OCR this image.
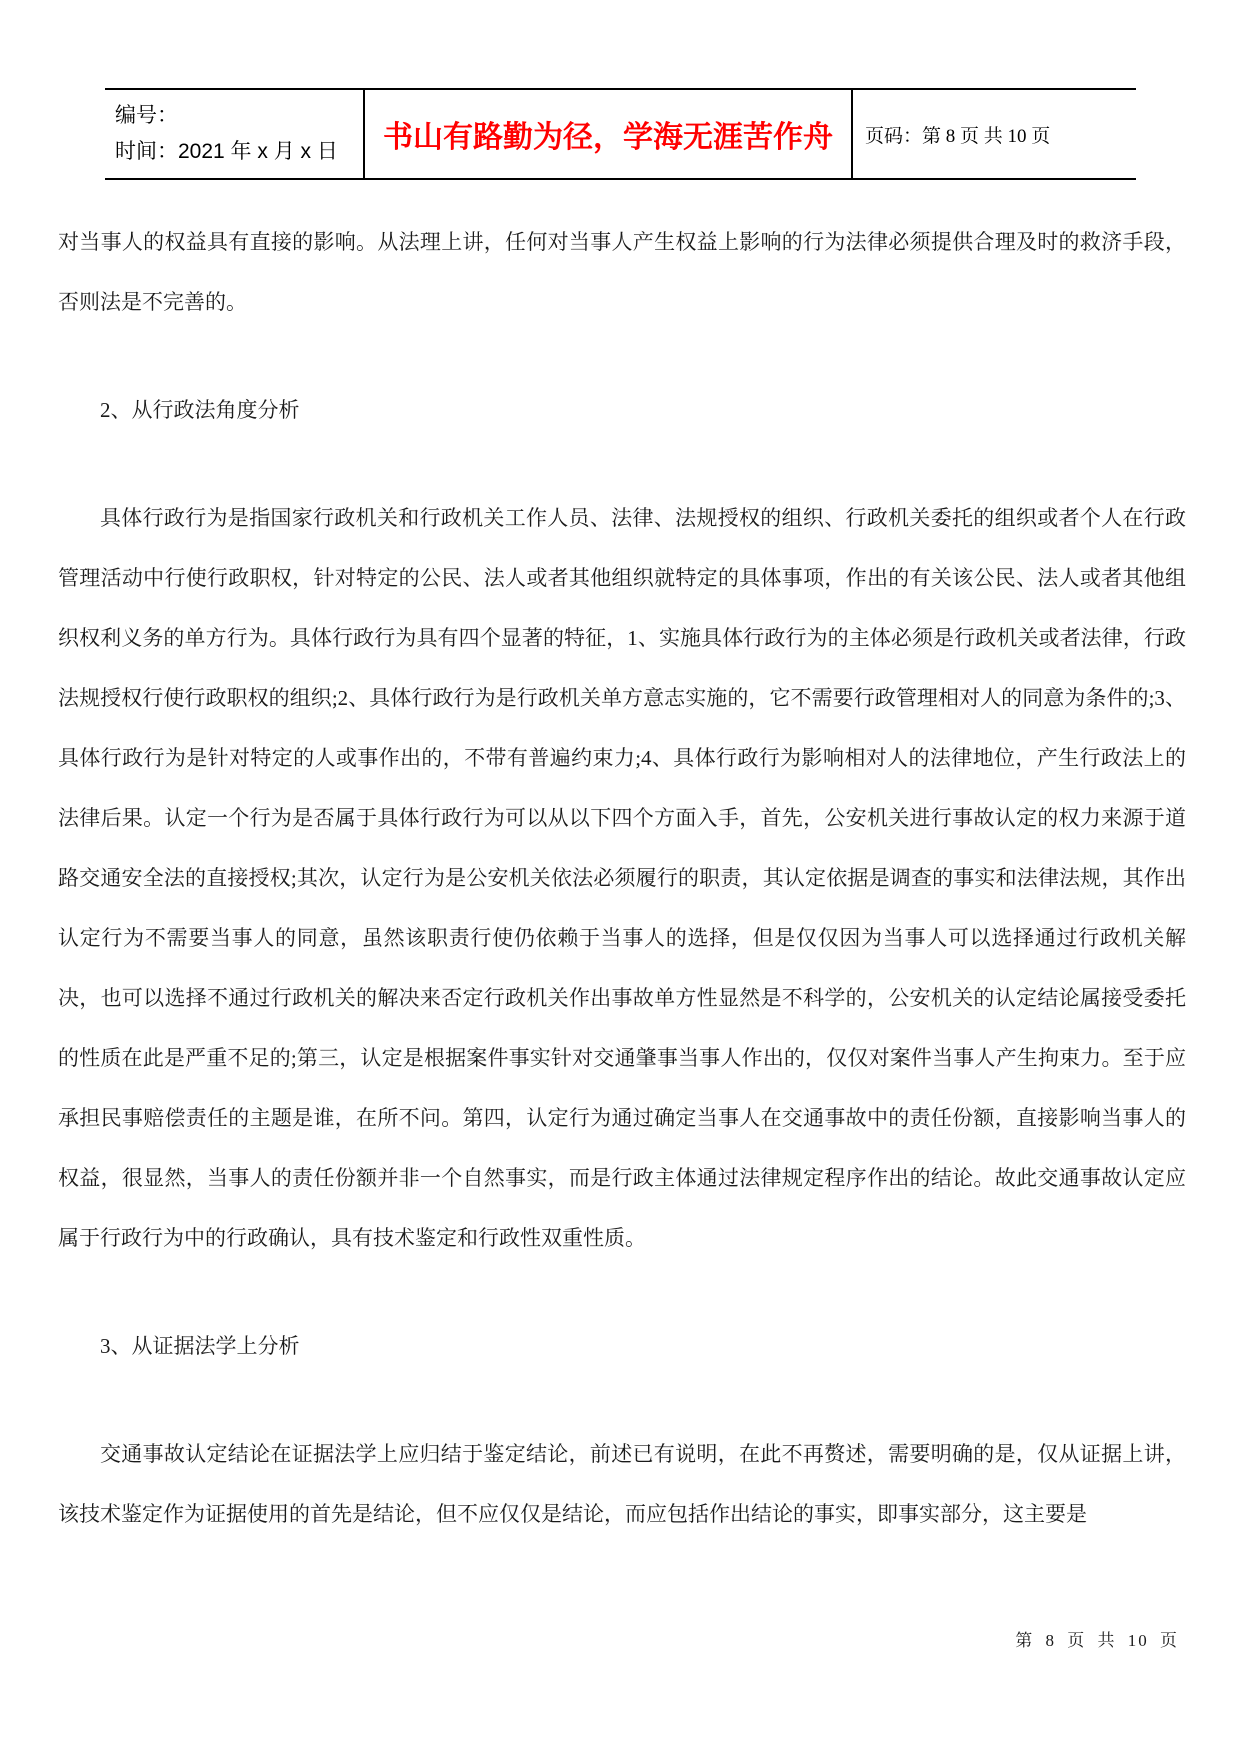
编号：
时间：2021 年 x 月 x 日	书山有路勤为径，学海无涯苦作舟 页码：第 8 页 共 10 页

对当事人的权益具有直接的影响。从法理上讲，任何对当事人产生权益上影响的行为法律必须提供合理及时的救济手段，否则法是不完善的。

2、从行政法角度分析

具体行政行为是指国家行政机关和行政机关工作人员、法律、法规授权的组织、行政机关委托的组织或者个人在行政管理活动中行使行政职权，针对特定的公民、法人或者其他组织就特定的具体事项，作出的有关该公民、法人或者其他组织权利义务的单方行为。具体行政行为具有四个显著的特征，1、实施具体行政行为的主体必须是行政机关或者法律，行政法规授权行使行政职权的组织;2、具体行政行为是行政机关单方意志实施的，它不需要行政管理相对人的同意为条件的;3、具体行政行为是针对特定的人或事作出的，不带有普遍约束力;4、具体行政行为影响相对人的法律地位，产生行政法上的法律后果。认定一个行为是否属于具体行政行为可以从以下四个方面入手，首先，公安机关进行事故认定的权力来源于道路交通安全法的直接授权;其次，认定行为是公安机关依法必须履行的职责，其认定依据是调查的事实和法律法规，其作出认定行为不需要当事人的同意，虽然该职责行使仍依赖于当事人的选择，但是仅仅因为当事人可以选择通过行政机关解决，也可以选择不通过行政机关的解决来否定行政机关作出事故单方性显然是不科学的，公安机关的认定结论属接受委托的性质在此是严重不足的;第三，认定是根据案件事实针对交通肇事当事人作出的，仅仅对案件当事人产生拘束力。至于应承担民事赔偿责任的主题是谁，在所不问。第四，认定行为通过确定当事人在交通事故中的责任份额，直接影响当事人的权益，很显然，当事人的责任份额并非一个自然事实，而是行政主体通过法律规定程序作出的结论。故此交通事故认定应属于行政行为中的行政确认，具有技术鉴定和行政性双重性质。

3、从证据法学上分析

交通事故认定结论在证据法学上应归结于鉴定结论，前述已有说明，在此不再赘述，需要明确的是，仅从证据上讲，该技术鉴定作为证据使用的首先是结论，但不应仅仅是结论，而应包括作出结论的事实，即事实部分，这主要是

第 8 页 共 10 页
